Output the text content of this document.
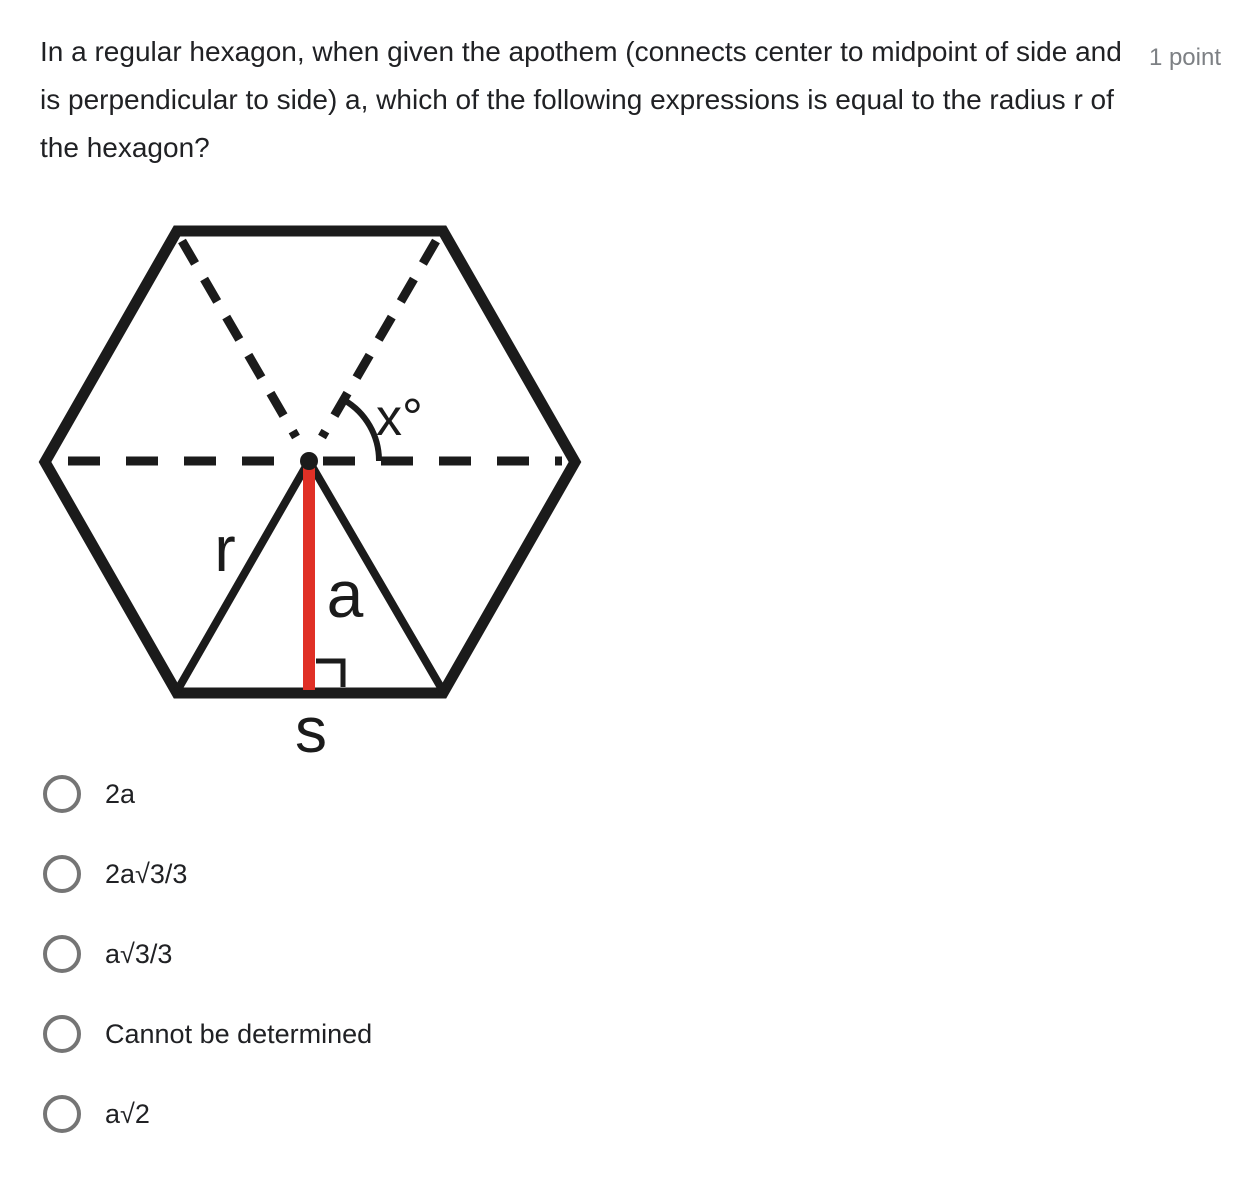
In a regular hexagon, when given the apothem (connects center to midpoint of side and is perpendicular to side) a, which of the following expressions is equal to the radius r of the hexagon?
1 point
x°
r
a
s
2a
2a√3/3
a√3/3
Cannot be determined
a√2
